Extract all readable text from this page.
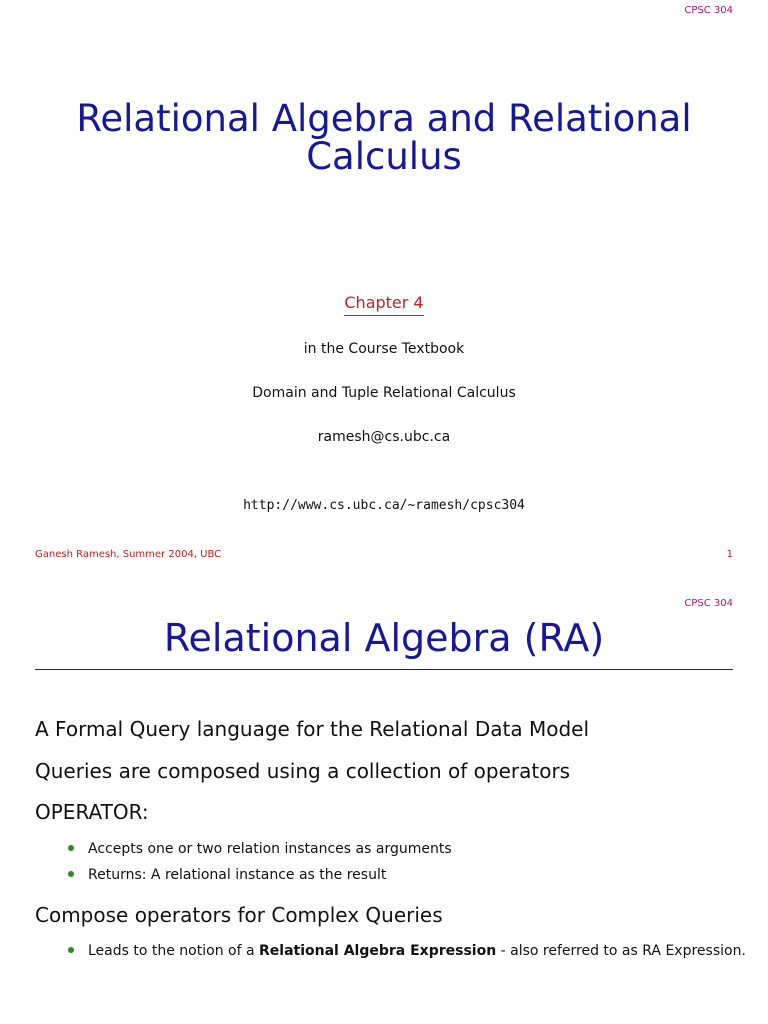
CPSC 304
Relational Algebra and Relational
Calculus
Chapter 4
in the Course Textbook
Domain and Tuple Relational Calculus
ramesh@cs.ubc.ca
http://www.cs.ubc.ca/~ramesh/cpsc304
Ganesh Ramesh, Summer 2004, UBC	1
CPSC 304
Relational Algebra (RA)
A Formal Query language for the Relational Data Model
Queries are composed using a collection of operators
OPERATOR:
Accepts one or two relation instances as arguments
Returns: A relational instance as the result
Compose operators for Complex Queries
Leads to the notion of a Relational Algebra Expression - also referred to as RA Expression.
